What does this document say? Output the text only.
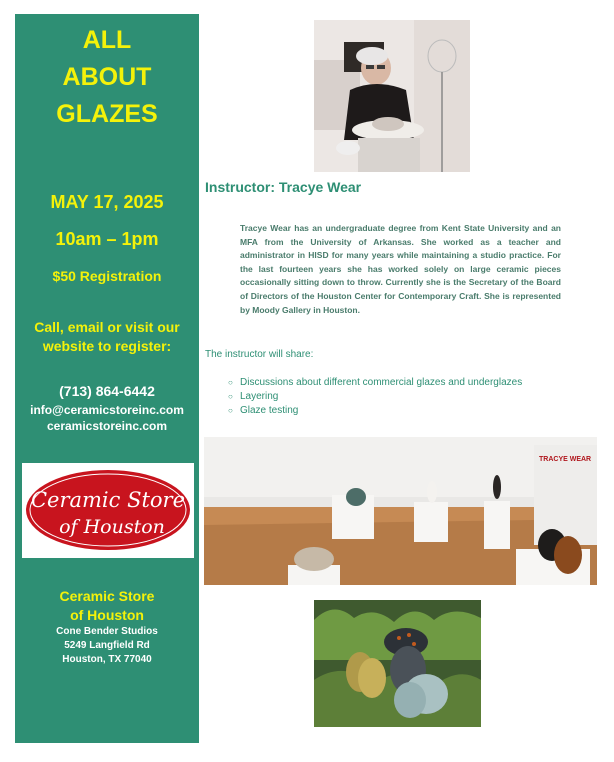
ALL
ABOUT
GLAZES
MAY 17, 2025
10am – 1pm
$50 Registration
Call, email or visit our
website to register:
(713) 864-6442
info@ceramicstoreinc.com
ceramicstoreinc.com
Ceramic Store
of Houston
Ceramic Store
of Houston
Cone Bender Studios
5249 Langfield Rd
Houston, TX 77040
Instructor: Tracye Wear
Tracye Wear has an undergraduate degree from Kent State University and an MFA from the University of Arkansas. She worked as a teacher and administrator in HISD for many years while maintaining a studio practice. For the last fourteen years she has worked solely on large ceramic pieces occasionally sitting down to throw. Currently she is the Secretary of the Board of Directors of the Houston Center for Contemporary Craft. She is represented by Moody Gallery in Houston.
The instructor will share:
○ Discussions about different commercial glazes and underglazes
○ Layering
○ Glaze testing
TRACYE WEAR
